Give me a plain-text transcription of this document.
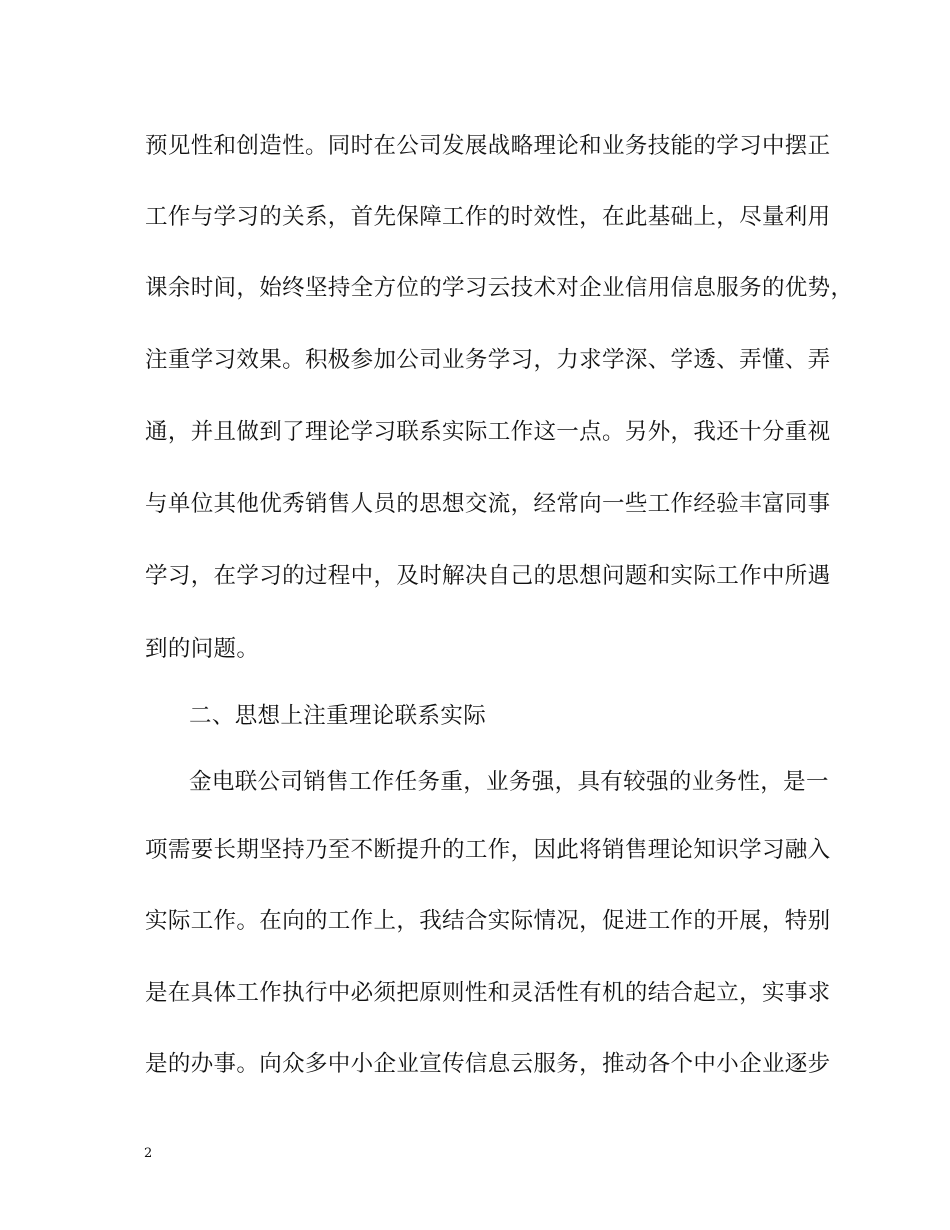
预见性和创造性。同时在公司发展战略理论和业务技能的学习中摆正
工作与学习的关系，首先保障工作的时效性，在此基础上，尽量利用
课余时间，始终坚持全方位的学习云技术对企业信用信息服务的优势，
注重学习效果。积极参加公司业务学习，力求学深、学透、弄懂、弄
通，并且做到了理论学习联系实际工作这一点。另外，我还十分重视
与单位其他优秀销售人员的思想交流，经常向一些工作经验丰富同事
学习，在学习的过程中，及时解决自己的思想问题和实际工作中所遇
到的问题。
二、思想上注重理论联系实际
金电联公司销售工作任务重，业务强，具有较强的业务性，是一
项需要长期坚持乃至不断提升的工作，因此将销售理论知识学习融入
实际工作。在向的工作上，我结合实际情况，促进工作的开展，特别
是在具体工作执行中必须把原则性和灵活性有机的结合起立，实事求
是的办事。向众多中小企业宣传信息云服务，推动各个中小企业逐步
2
